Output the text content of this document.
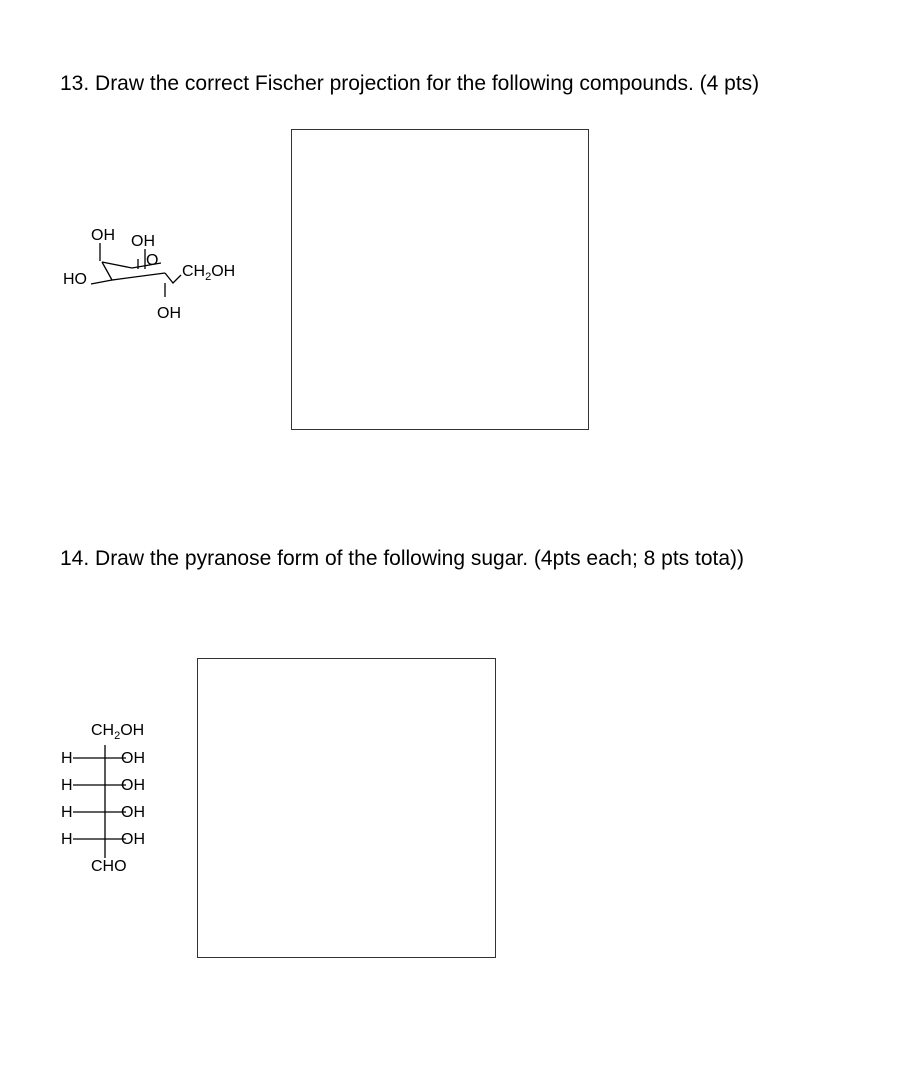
13. Draw the correct Fischer projection for the following compounds. (4 pts)
OH OH
O
HO	$CH_2OH$
OH
14. Draw the pyranose form of the following sugar. (4pts each; 8 pts tota))
$CH_2OH$
H	OH
H	OH
H	OH
H	OH
CHO
